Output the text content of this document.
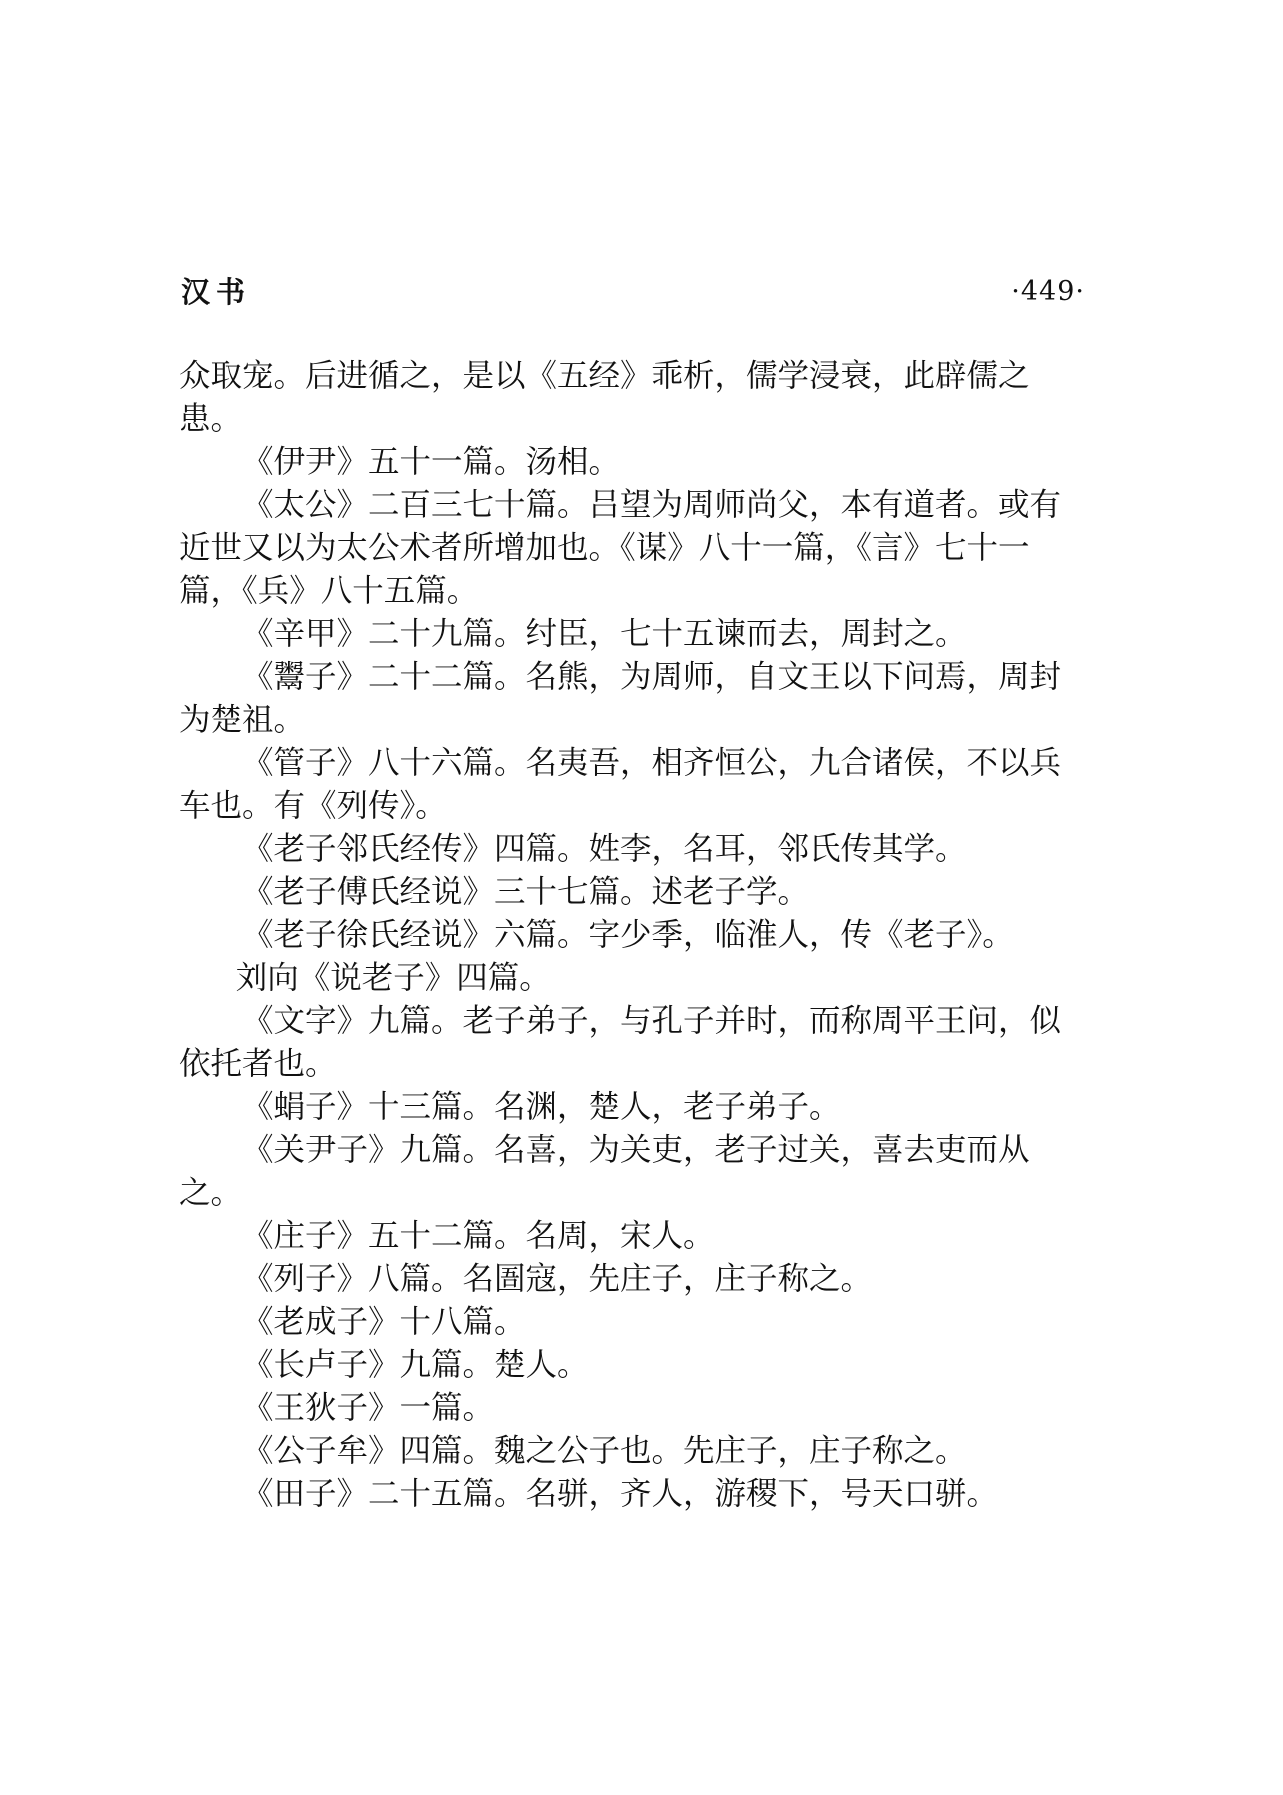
汉书	·449·

众取宠。后进循之，是以《五经》乖析，儒学浸衰，此辟儒之患。

《伊尹》五十一篇。汤相。

《太公》二百三七十篇。吕望为周师尚父，本有道者。或有近世又以为太公术者所增加也。《谋》八十一篇，《言》七十一篇，《兵》八十五篇。

《辛甲》二十九篇。纣臣，七十五谏而去，周封之。

《鬻子》二十二篇。名熊，为周师，自文王以下问焉，周封为楚祖。

《管子》八十六篇。名夷吾，相齐恒公，九合诸侯，不以兵车也。有《列传》。

《老子邻氏经传》四篇。姓李，名耳，邻氏传其学。

《老子傅氏经说》三十七篇。述老子学。

《老子徐氏经说》六篇。字少季，临淮人，传《老子》。

刘向《说老子》四篇。

《文字》九篇。老子弟子，与孔子并时，而称周平王问，似依托者也。

《蜎子》十三篇。名渊，楚人，老子弟子。

《关尹子》九篇。名喜，为关吏，老子过关，喜去吏而从之。

《庄子》五十二篇。名周，宋人。

《列子》八篇。名圄寇，先庄子，庄子称之。

《老成子》十八篇。

《长卢子》九篇。楚人。

《王狄子》一篇。

《公子牟》四篇。魏之公子也。先庄子，庄子称之。

《田子》二十五篇。名骈，齐人，游稷下，号天口骈。
